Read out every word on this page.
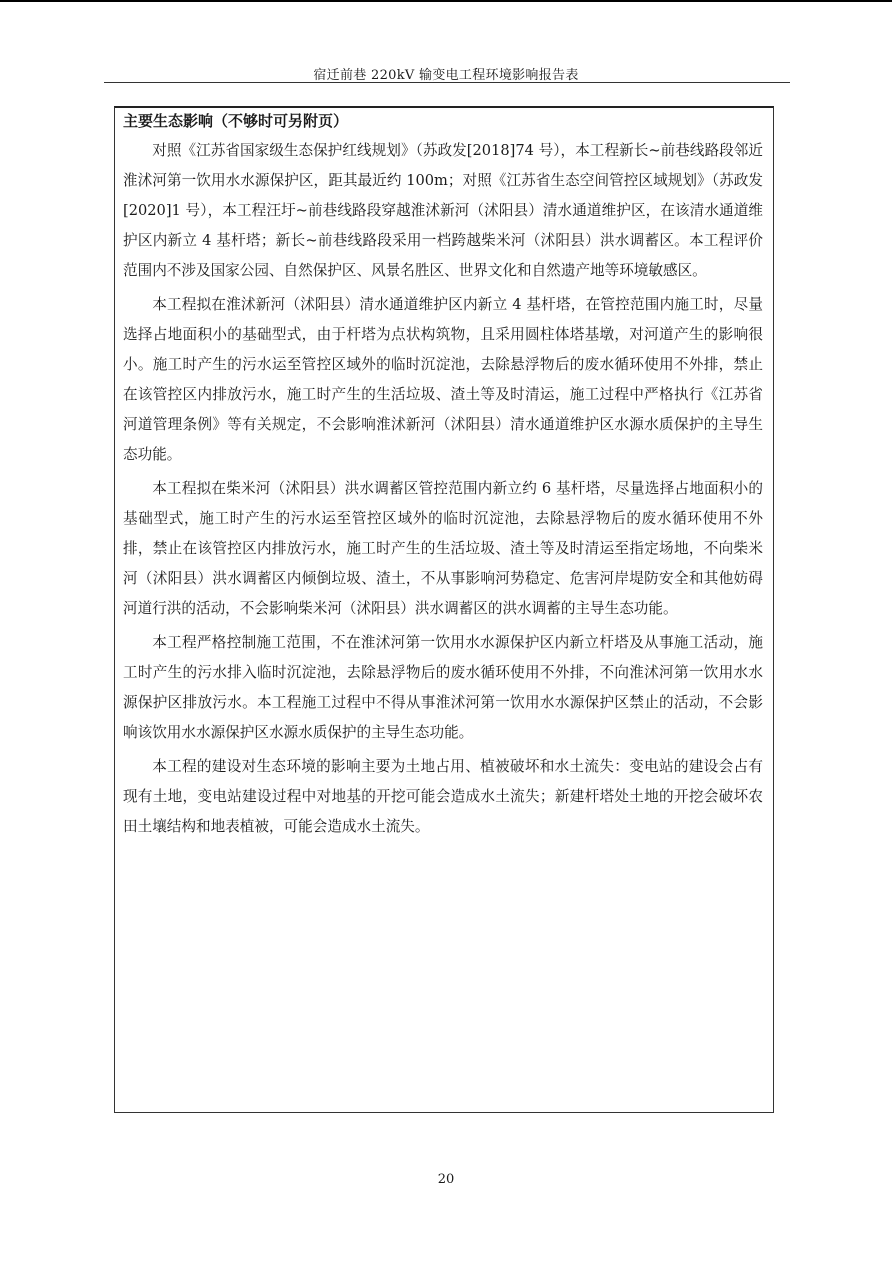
宿迁前巷 220kV 输变电工程环境影响报告表
主要生态影响（不够时可另附页）

对照《江苏省国家级生态保护红线规划》（苏政发[2018]74 号），本工程新长~前巷线路段邻近淮沭河第一饮用水水源保护区，距其最近约 100m；对照《江苏省生态空间管控区域规划》（苏政发[2020]1 号），本工程汪圩~前巷线路段穿越淮沭新河（沭阳县）清水通道维护区，在该清水通道维护区内新立 4 基杆塔；新长~前巷线路段采用一档跨越柴米河（沭阳县）洪水调蓄区。本工程评价范围内不涉及国家公园、自然保护区、风景名胜区、世界文化和自然遗产地等环境敏感区。

本工程拟在淮沭新河（沭阳县）清水通道维护区内新立 4 基杆塔，在管控范围内施工时，尽量选择占地面积小的基础型式，由于杆塔为点状构筑物，且采用圆柱体塔基墩，对河道产生的影响很小。施工时产生的污水运至管控区域外的临时沉淀池，去除悬浮物后的废水循环使用不外排，禁止在该管控区内排放污水，施工时产生的生活垃圾、渣土等及时清运，施工过程中严格执行《江苏省河道管理条例》等有关规定，不会影响淮沭新河（沭阳县）清水通道维护区水源水质保护的主导生态功能。

本工程拟在柴米河（沭阳县）洪水调蓄区管控范围内新立约 6 基杆塔，尽量选择占地面积小的基础型式，施工时产生的污水运至管控区域外的临时沉淀池，去除悬浮物后的废水循环使用不外排，禁止在该管控区内排放污水，施工时产生的生活垃圾、渣土等及时清运至指定场地，不向柴米河（沭阳县）洪水调蓄区内倾倒垃圾、渣土，不从事影响河势稳定、危害河岸堤防安全和其他妨碍河道行洪的活动，不会影响柴米河（沭阳县）洪水调蓄区的洪水调蓄的主导生态功能。

本工程严格控制施工范围，不在淮沭河第一饮用水水源保护区内新立杆塔及从事施工活动，施工时产生的污水排入临时沉淀池，去除悬浮物后的废水循环使用不外排，不向淮沭河第一饮用水水源保护区排放污水。本工程施工过程中不得从事淮沭河第一饮用水水源保护区禁止的活动，不会影响该饮用水水源保护区水源水质保护的主导生态功能。

本工程的建设对生态环境的影响主要为土地占用、植被破坏和水土流失：变电站的建设会占有现有土地，变电站建设过程中对地基的开挖可能会造成水土流失；新建杆塔处土地的开挖会破坏农田土壤结构和地表植被，可能会造成水土流失。

20
